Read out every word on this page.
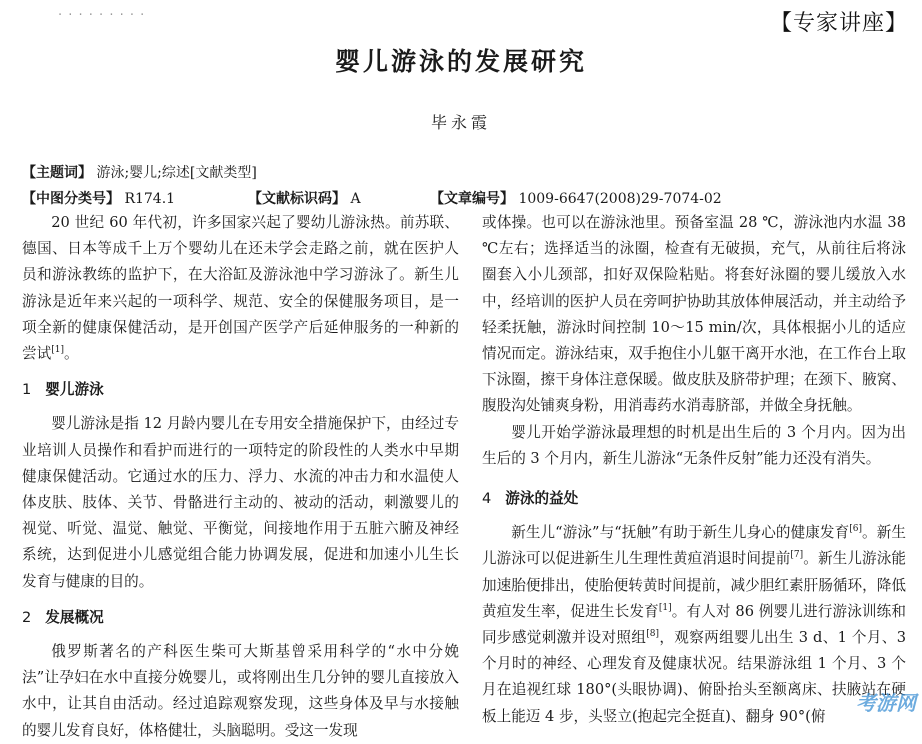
· · · · · · · · ·	【专家讲座】
婴儿游泳的发展研究
毕永霞
【主题词】 游泳;婴儿;综述[文献类型]
【中图分类号】 R174.1	【文献标识码】 A	【文章编号】 1009-6647(2008)29-7074-02

20 世纪 60 年代初，许多国家兴起了婴幼儿游泳热。前苏联、德国、日本等成千上万个婴幼儿在还未学会走路之前，就在医护人员和游泳教练的监护下，在大浴缸及游泳池中学习游泳了。新生儿游泳是近年来兴起的一项科学、规范、安全的保健服务项目，是一项全新的健康保健活动，是开创国产医学产后延伸服务的一种新的尝试[1]。

1 婴儿游泳

婴儿游泳是指 12 月龄内婴儿在专用安全措施保护下，由经过专业培训人员操作和看护而进行的一项特定的阶段性的人类水中早期健康保健活动。它通过水的压力、浮力、水流的冲击力和水温使人体皮肤、肢体、关节、骨骼进行主动的、被动的活动，刺激婴儿的视觉、听觉、温觉、触觉、平衡觉，间接地作用于五脏六腑及神经系统，达到促进小儿感觉组合能力协调发展，促进和加速小儿生长发育与健康的目的。

2 发展概况

俄罗斯著名的产科医生柴可大斯基曾采用科学的“水中分娩法”让孕妇在水中直接分娩婴儿，或将刚出生几分钟的婴儿直接放入水中，让其自由活动。经过追踪观察发现，这些身体及早与水接触的婴儿发育良好，体格健壮，头脑聪明。受这一发现

或体操。也可以在游泳池里。预备室温 28 ℃，游泳池内水温 38 ℃左右；选择适当的泳圈，检查有无破损，充气，从前往后将泳圈套入小儿颈部，扣好双保险粘贴。将套好泳圈的婴儿缓放入水中，经培训的医护人员在旁呵护协助其放体伸展活动，并主动给予轻柔抚触，游泳时间控制 10～15 min/次，具体根据小儿的适应情况而定。游泳结束，双手抱住小儿躯干离开水池，在工作台上取下泳圈，擦干身体注意保暖。做皮肤及脐带护理；在颈下、腋窝、腹股沟处铺爽身粉，用消毒药水消毒脐部，并做全身抚触。

婴儿开始学游泳最理想的时机是出生后的 3 个月内。因为出生后的 3 个月内，新生儿游泳“无条件反射”能力还没有消失。

4 游泳的益处

新生儿“游泳”与“抚触”有助于新生儿身心的健康发育[6]。新生儿游泳可以促进新生儿生理性黄疸消退时间提前[7]。新生儿游泳能加速胎便排出，使胎便转黄时间提前，减少胆红素肝肠循环，降低黄疸发生率，促进生长发育[1]。有人对 86 例婴儿进行游泳训练和同步感觉刺激并设对照组[8]，观察两组婴儿出生 3 d、1 个月、3 个月时的神经、心理发育及健康状况。结果游泳组 1 个月、3 个月在追视红球 180°(头眼协调)、俯卧抬头至额离床、扶腋站在硬板上能迈 4 步，头竖立(抱起完全挺直)、翻身 90°(俯

考游网
